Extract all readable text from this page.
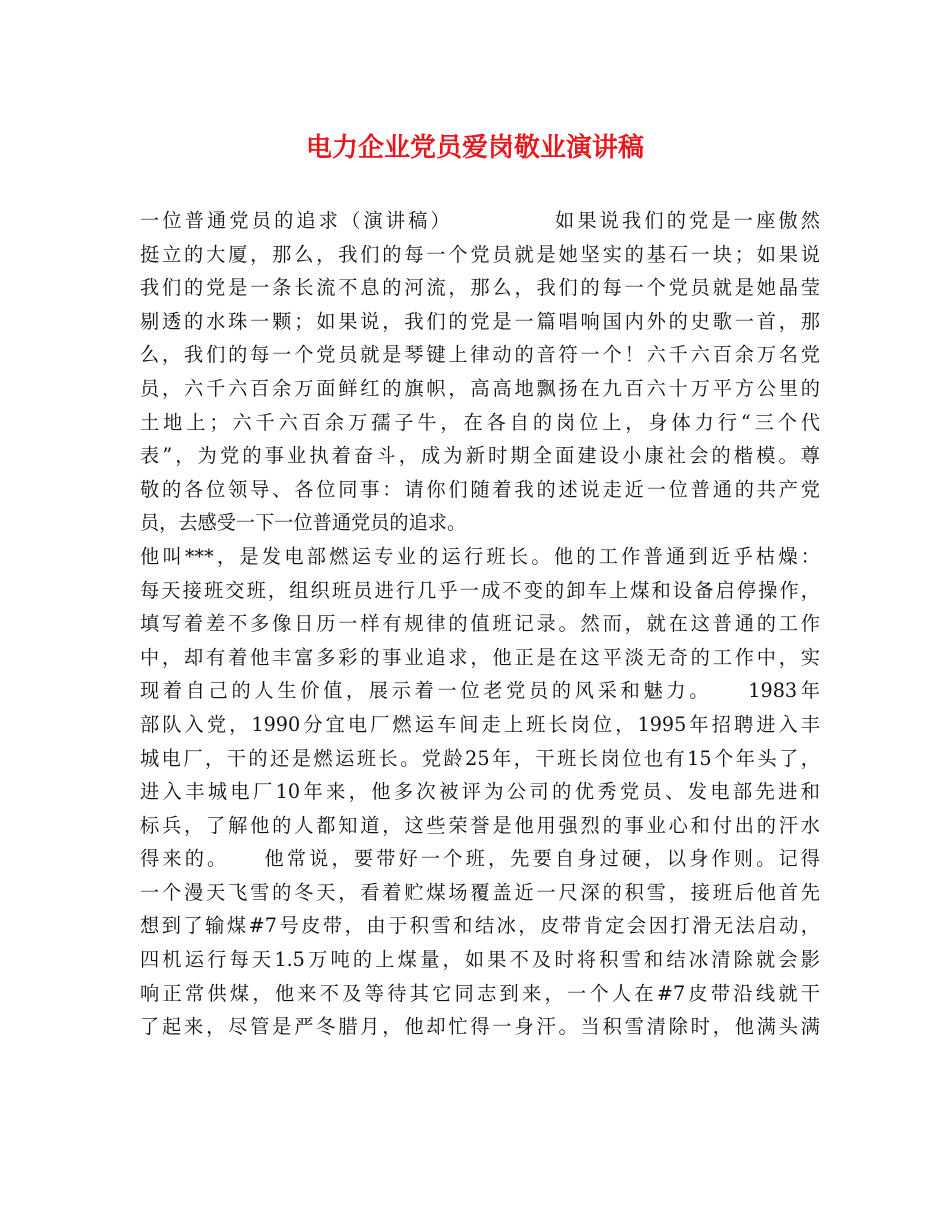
电力企业党员爱岗敬业演讲稿
一位普通党员的追求（演讲稿）　　　　　如果说我们的党是一座傲然
挺立的大厦，那么，我们的每一个党员就是她坚实的基石一块；如果说
我们的党是一条长流不息的河流，那么，我们的每一个党员就是她晶莹
剔透的水珠一颗；如果说，我们的党是一篇唱响国内外的史歌一首，那
么，我们的每一个党员就是琴键上律动的音符一个！六千六百余万名党
员，六千六百余万面鲜红的旗帜，高高地飘扬在九百六十万平方公里的
土地上；六千六百余万孺子牛，在各自的岗位上，身体力行“三个代
表”，为党的事业执着奋斗，成为新时期全面建设小康社会的楷模。尊
敬的各位领导、各位同事：请你们随着我的述说走近一位普通的共产党
员，去感受一下一位普通党员的追求。
他叫***，是发电部燃运专业的运行班长。他的工作普通到近乎枯燥：
每天接班交班，组织班员进行几乎一成不变的卸车上煤和设备启停操作，
填写着差不多像日历一样有规律的值班记录。然而，就在这普通的工作
中，却有着他丰富多彩的事业追求，他正是在这平淡无奇的工作中，实
现着自己的人生价值，展示着一位老党员的风采和魅力。　　1983年
部队入党，1990分宜电厂燃运车间走上班长岗位，1995年招聘进入丰
城电厂，干的还是燃运班长。党龄25年，干班长岗位也有15个年头了，
进入丰城电厂10年来，他多次被评为公司的优秀党员、发电部先进和
标兵，了解他的人都知道，这些荣誉是他用强烈的事业心和付出的汗水
得来的。　　他常说，要带好一个班，先要自身过硬，以身作则。记得
一个漫天飞雪的冬天，看着贮煤场覆盖近一尺深的积雪，接班后他首先
想到了输煤#7号皮带，由于积雪和结冰，皮带肯定会因打滑无法启动，
四机运行每天1.5万吨的上煤量，如果不及时将积雪和结冰清除就会影
响正常供煤，他来不及等待其它同志到来，一个人在#7皮带沿线就干
了起来，尽管是严冬腊月，他却忙得一身汗。当积雪清除时，他满头满
